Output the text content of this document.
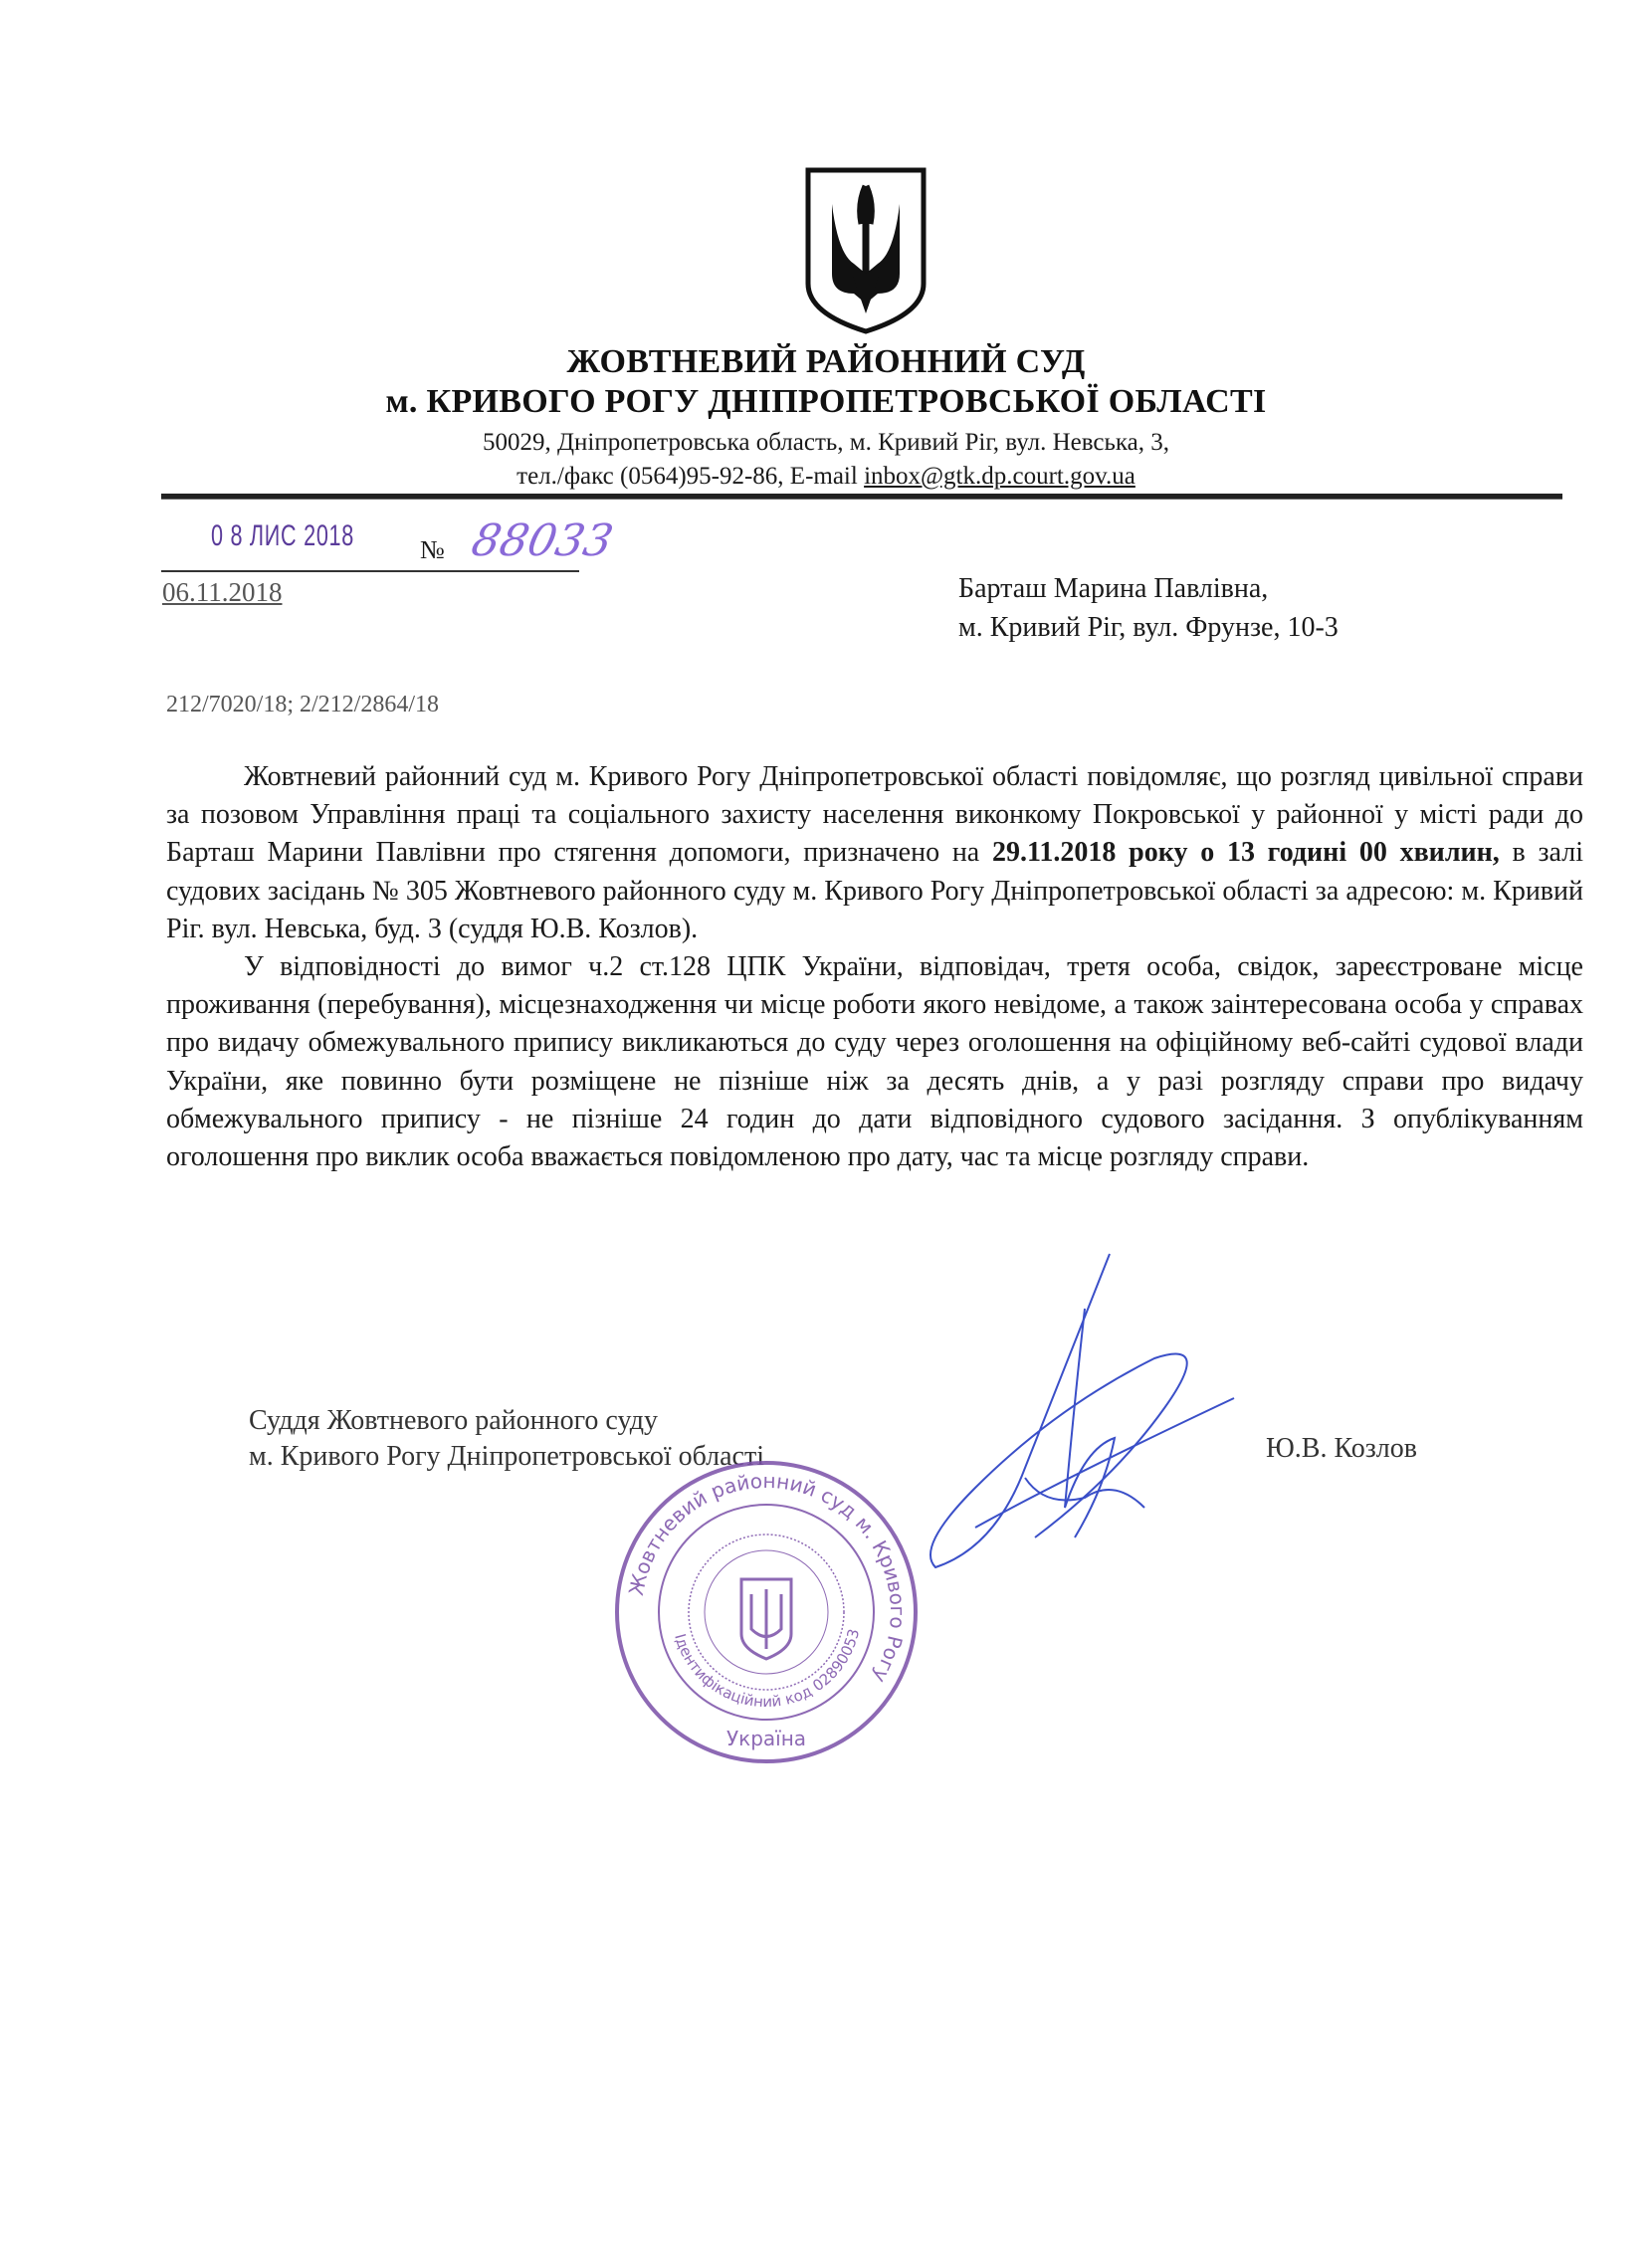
ЖОВТНЕВИЙ РАЙОННИЙ СУД
м. КРИВОГО РОГУ ДНІПРОПЕТРОВСЬКОЇ ОБЛАСТІ
50029, Дніпропетровська область, м. Кривий Ріг, вул. Невська, 3,
тел./факс (0564)95-92-86, E-mail inbox@gtk.dp.court.gov.ua
0 8 ЛИС 2018	№ 88033
06.11.2018	Барташ Марина Павлівна,
м. Кривий Ріг, вул. Фрунзе, 10-3
212/7020/18; 2/212/2864/18

Жовтневий районний суд м. Кривого Рогу Дніпропетровської області повідомляє, що розгляд цивільної справи за позовом Управління праці та соціального захисту населення виконкому Покровської у районної у місті ради до Барташ Марини Павлівни про стягення допомоги, призначено на 29.11.2018 року о 13 годині 00 хвилин, в залі судових засідань № 305 Жовтневого районного суду м. Кривого Рогу Дніпропетровської області за адресою: м. Кривий Ріг. вул. Невська, буд. 3 (суддя Ю.В. Козлов).

У відповідності до вимог ч.2 ст.128 ЦПК України, відповідач, третя особа, свідок, зареєстроване місце проживання (перебування), місцезнаходження чи місце роботи якого невідоме, а також заінтересована особа у справах про видачу обмежувального припису викликаються до суду через оголошення на офіційному веб-сайті судової влади України, яке повинно бути розміщене не пізніше ніж за десять днів, а у разі розгляду справи про видачу обмежувального припису - не пізніше 24 годин до дати відповідного судового засідання. З опублікуванням оголошення про виклик особа вважається повідомленою про дату, час та місце розгляду справи.

Суддя Жовтневого районного суду
м. Кривого Рогу Дніпропетровської області	Ю.В. Козлов
Жовтневий районний суд м. Кривого Рогу
Ідентифікаційний код 02890053
Україна
